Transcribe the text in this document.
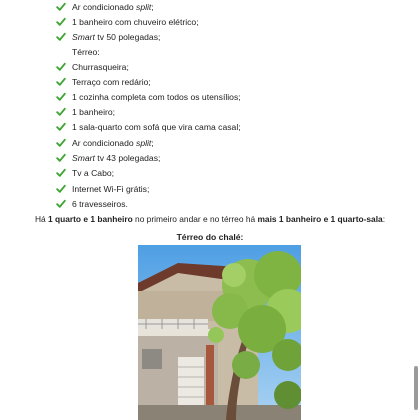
Ar condicionado split;
1 banheiro com chuveiro elétrico;
Smart tv 50 polegadas;
Térreo:
Churrasqueira;
Terraço com redário;
1 cozinha completa com todos os utensílios;
1 banheiro;
1 sala-quarto com sofá que vira cama casal;
Ar condicionado split;
Smart tv 43 polegadas;
Tv a Cabo;
Internet Wi-Fi grátis;
6 travesseiros.
Há 1 quarto e 1 banheiro no primeiro andar e no térreo há mais 1 banheiro e 1 quarto-sala:
Térreo do chalé:
